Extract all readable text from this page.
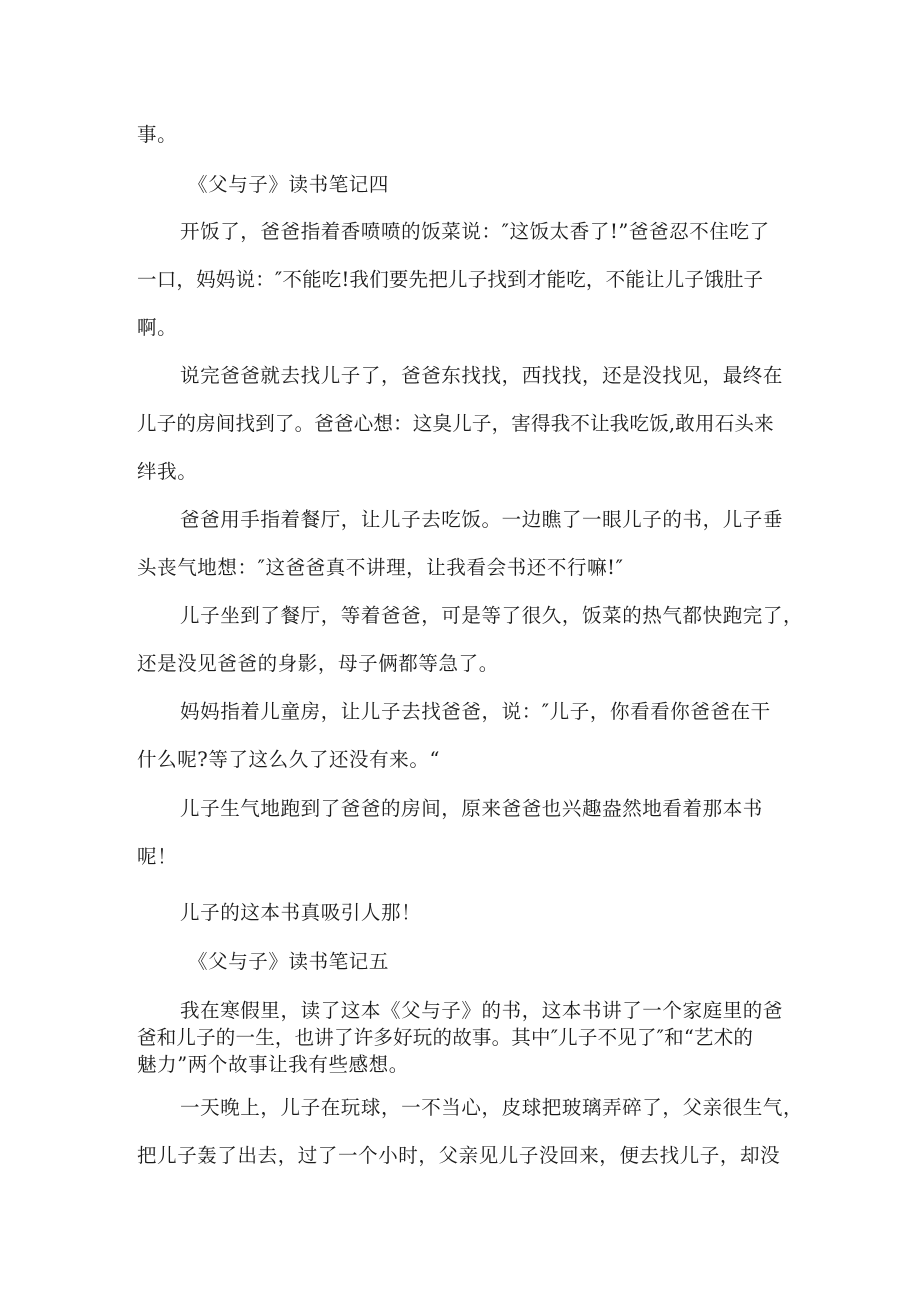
事。

《父与子》读书笔记四

开饭了，爸爸指着香喷喷的饭菜说：″这饭太香了!”爸爸忍不住吃了

一口，妈妈说：″不能吃!我们要先把儿子找到才能吃，不能让儿子饿肚子

啊。

说完爸爸就去找儿子了，爸爸东找找，西找找，还是没找见，最终在

儿子的房间找到了。爸爸心想：这臭儿子，害得我不让我吃饭,敢用石头来

绊我。

爸爸用手指着餐厅，让儿子去吃饭。一边瞧了一眼儿子的书，儿子垂

头丧气地想：″这爸爸真不讲理，让我看会书还不行嘛!″

儿子坐到了餐厅，等着爸爸，可是等了很久，饭菜的热气都快跑完了，

还是没见爸爸的身影，母子俩都等急了。

妈妈指着儿童房，让儿子去找爸爸，说：″儿子，你看看你爸爸在干

什么呢?等了这么久了还没有来。“

儿子生气地跑到了爸爸的房间，原来爸爸也兴趣盎然地看着那本书

呢！

儿子的这本书真吸引人那！

《父与子》读书笔记五

我在寒假里，读了这本《父与子》的书，这本书讲了一个家庭里的爸

爸和儿子的一生，也讲了许多好玩的故事。其中″儿子不见了″和“艺术的

魅力”两个故事让我有些感想。

一天晚上，儿子在玩球，一不当心，皮球把玻璃弄碎了，父亲很生气，

把儿子轰了出去，过了一个小时，父亲见儿子没回来，便去找儿子，却没
